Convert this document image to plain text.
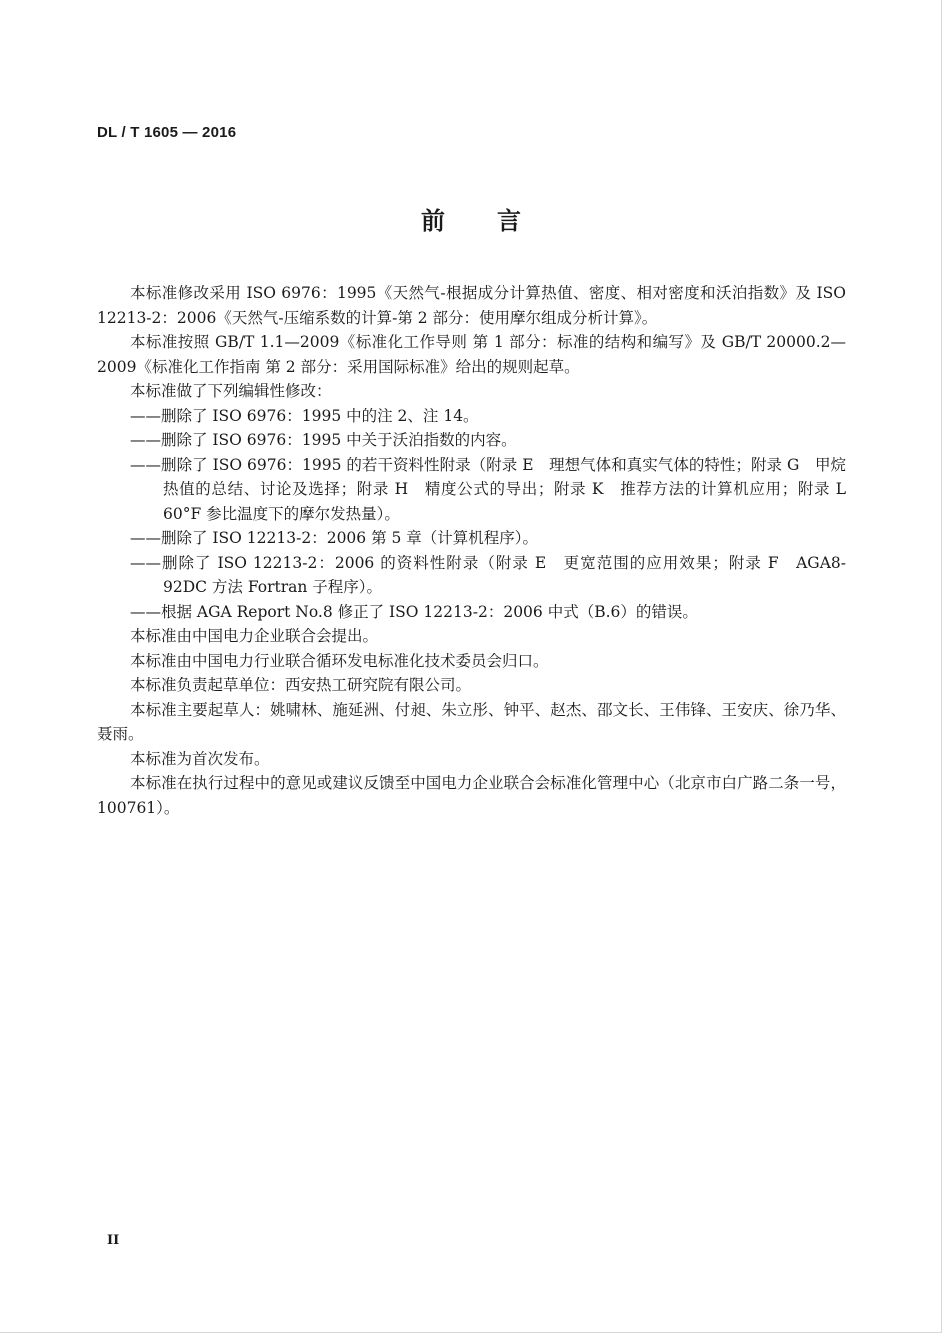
DL / T 1605 — 2016
前言

本标准修改采用 ISO 6976：1995《天然气-根据成分计算热值、密度、相对密度和沃泊指数》及 ISO 12213-2：2006《天然气-压缩系数的计算-第 2 部分：使用摩尔组成分析计算》。

本标准按照 GB/T 1.1—2009《标准化工作导则 第 1 部分：标准的结构和编写》及 GB/T 20000.2—2009《标准化工作指南 第 2 部分：采用国际标准》给出的规则起草。

本标准做了下列编辑性修改：

——删除了 ISO 6976：1995 中的注 2、注 14。

——删除了 ISO 6976：1995 中关于沃泊指数的内容。

——删除了 ISO 6976：1995 的若干资料性附录（附录 E　理想气体和真实气体的特性；附录 G　甲烷热值的总结、讨论及选择；附录 H　精度公式的导出；附录 K　推荐方法的计算机应用；附录 L 60°F 参比温度下的摩尔发热量）。

——删除了 ISO 12213-2：2006 第 5 章（计算机程序）。

——删除了 ISO 12213-2：2006 的资料性附录（附录 E　更宽范围的应用效果；附录 F　AGA8-92DC 方法 Fortran 子程序）。

——根据 AGA Report No.8 修正了 ISO 12213-2：2006 中式（B.6）的错误。

本标准由中国电力企业联合会提出。

本标准由中国电力行业联合循环发电标准化技术委员会归口。

本标准负责起草单位：西安热工研究院有限公司。

本标准主要起草人：姚啸林、施延洲、付昶、朱立彤、钟平、赵杰、邵文长、王伟锋、王安庆、徐乃华、聂雨。

本标准为首次发布。

本标准在执行过程中的意见或建议反馈至中国电力企业联合会标准化管理中心（北京市白广路二条一号，100761）。

II
